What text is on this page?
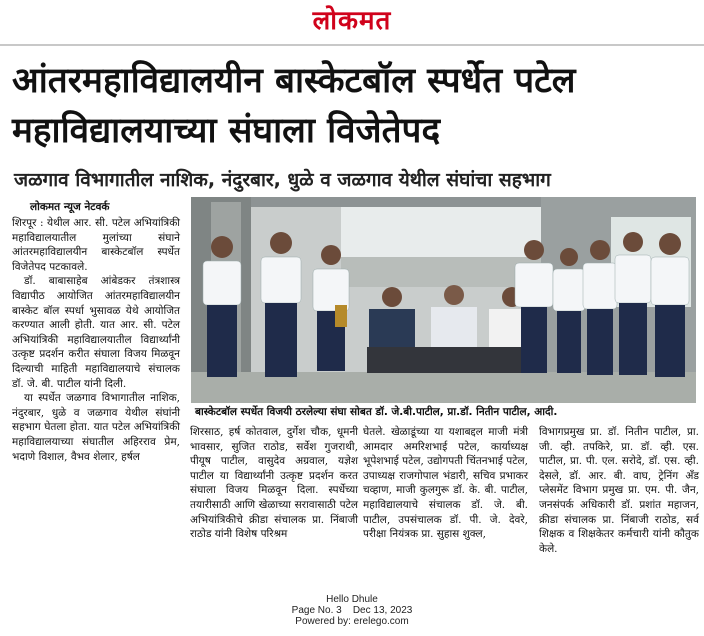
लोकमत
आंतरमहाविद्यालयीन बास्केटबॉल स्पर्धेत पटेल
महाविद्यालयाच्या संघाला विजेतेपद
जळगाव विभागातील नाशिक, नंदुरबार, धुळे व जळगाव येथील संघांचा सहभाग
लोकमत न्यूज नेटवर्क

शिरपूर : येथील आर. सी. पटेल अभियांत्रिकी महाविद्यालयातील मुलांच्या संघाने आंतरमहाविद्यालयीन बास्केटबॉल स्पर्धेत विजेतेपद पटकावले.

डॉ. बाबासाहेब आंबेडकर तंत्रशास्त्र विद्यापीठ आयोजित आंतरमहाविद्यालयीन बास्केट बॉल स्पर्धा भुसावळ येथे आयोजित करण्यात आली होती. यात आर. सी. पटेल अभियांत्रिकी महाविद्यालयातील विद्यार्थ्यांनी उत्कृष्ट प्रदर्शन करीत संघाला विजय मिळवून दिल्याची माहिती महाविद्यालयाचे संचालक डॉ. जे. बी. पाटील यांनी दिली.

या स्पर्धेत जळगाव विभागातील नाशिक, नंदुरबार, धुळे व जळगाव येथील संघांनी सहभाग घेतला होता. यात पटेल अभियांत्रिकी महाविद्यालयाच्या संघातील अहिरराव प्रेम, भदाणे विशाल, वैभव शेलार, हर्षल

बास्केटबॉल स्पर्धेत विजयी ठरलेल्या संघा सोबत डॉ. जे.बी.पाटील, प्रा.डॉ. नितीन पाटील, आदी.
शिरसाठ, हर्ष कोतवाल, दुर्गेश चौक, धूमनी भावसार, सुजित राठोड, सर्वेश गुजराथी, पीयूष पाटील, वासुदेव अग्रवाल, यज्ञेश पाटील या विद्यार्थ्यांनी उत्कृष्ट प्रदर्शन करत संघाला विजय मिळवून दिला. स्पर्धेच्या तयारीसाठी आणि खेळाच्या सरावासाठी पटेल अभियांत्रिकीचे क्रीडा संचालक प्रा. निंबाजी राठोड यांनी विशेष परिश्रम
घेतले. खेळाडूंच्या या यशाबद्दल माजी मंत्री आमदार अमरिशभाई पटेल, कार्याध्यक्ष भूपेशभाई पटेल, उद्योगपती चिंतनभाई पटेल, उपाध्यक्ष राजगोपाल भंडारी, सचिव प्रभाकर चव्हाण, माजी कुलगुरू डॉ. के. बी. पाटील, महाविद्यालयाचे संचालक डॉ. जे. बी. पाटील, उपसंचालक डॉ. पी. जे. देवरे, परीक्षा नियंत्रक प्रा. सुहास शुक्ल,
विभागप्रमुख प्रा. डॉ. नितीन पाटील, प्रा. जी. व्ही. तपकिरे, प्रा. डॉ. व्ही. एस. पाटील, प्रा. पी. एल. सरोदे, डॉ. एस. व्ही. देसले, डॉ. आर. बी. वाघ, ट्रेनिंग अँड प्लेसमेंट विभाग प्रमुख प्रा. एम. पी. जैन, जनसंपर्क अधिकारी डॉ. प्रशांत महाजन, क्रीडा संचालक प्रा. निंबाजी राठोड, सर्व शिक्षक व शिक्षकेतर कर्मचारी यांनी कौतुक केले.
Hello Dhule
Page No. 3 Dec 13, 2023
Powered by: erelego.com
